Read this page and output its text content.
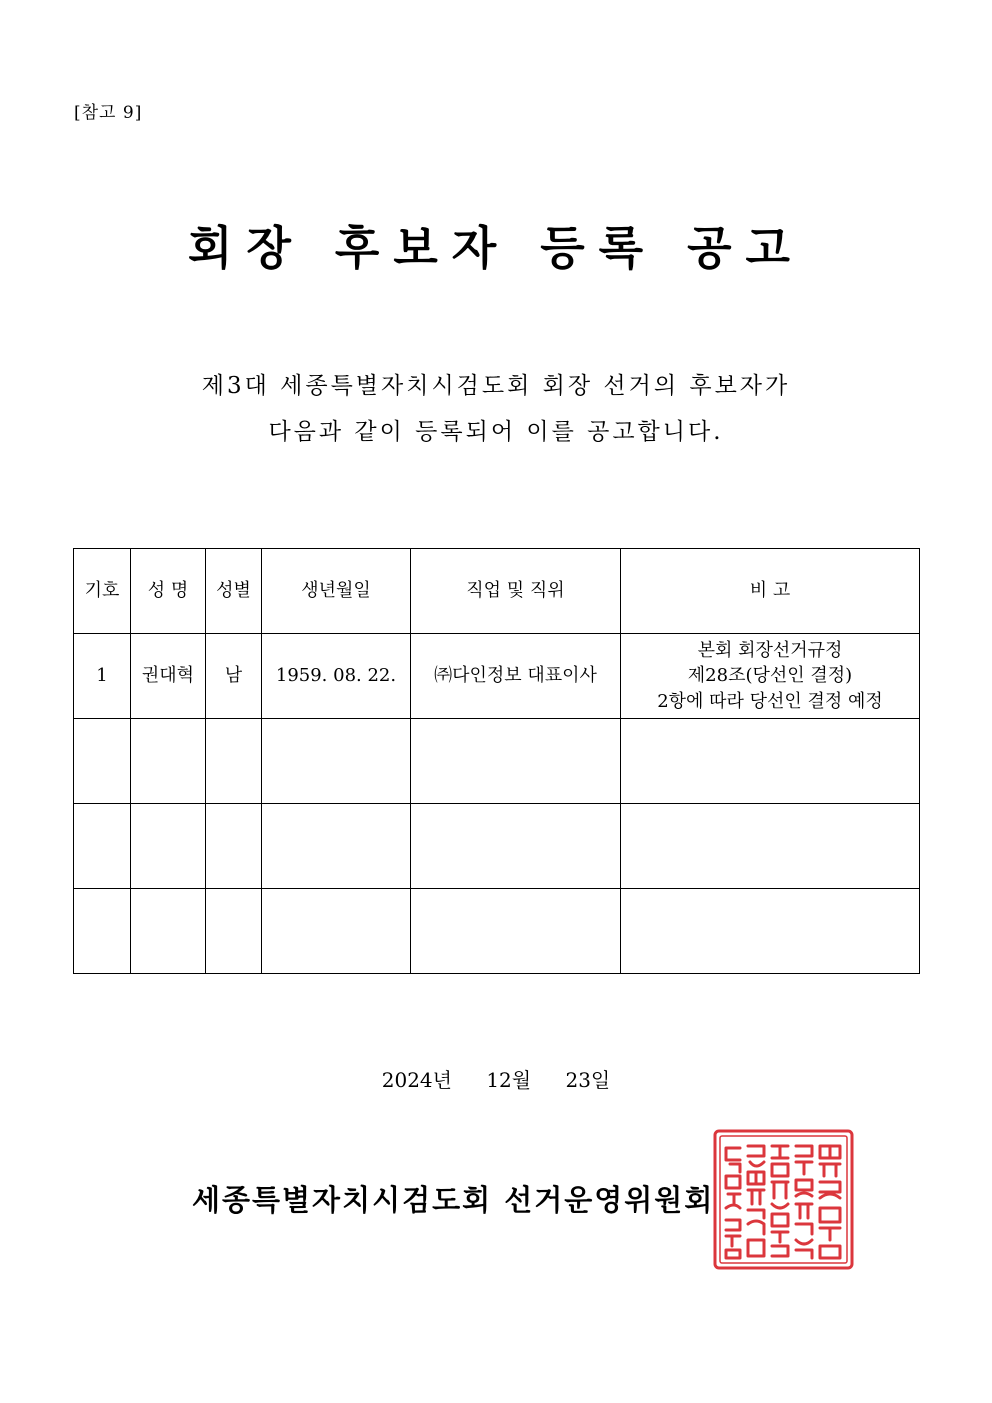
[참고 9]
회장 후보자 등록 공고
제3대 세종특별자치시검도회 회장 선거의 후보자가
다음과 같이 등록되어 이를 공고합니다.
기호	성 명	성별	생년월일	직업 및 직위	비 고
1	권대혁	남	1959. 08. 22.	㈜다인정보 대표이사	본회 회장선거규정
제28조(당선인 결정)
2항에 따라 당선인 결정 예정

2024년 12월 23일
세종특별자치시검도회 선거운영위원회
